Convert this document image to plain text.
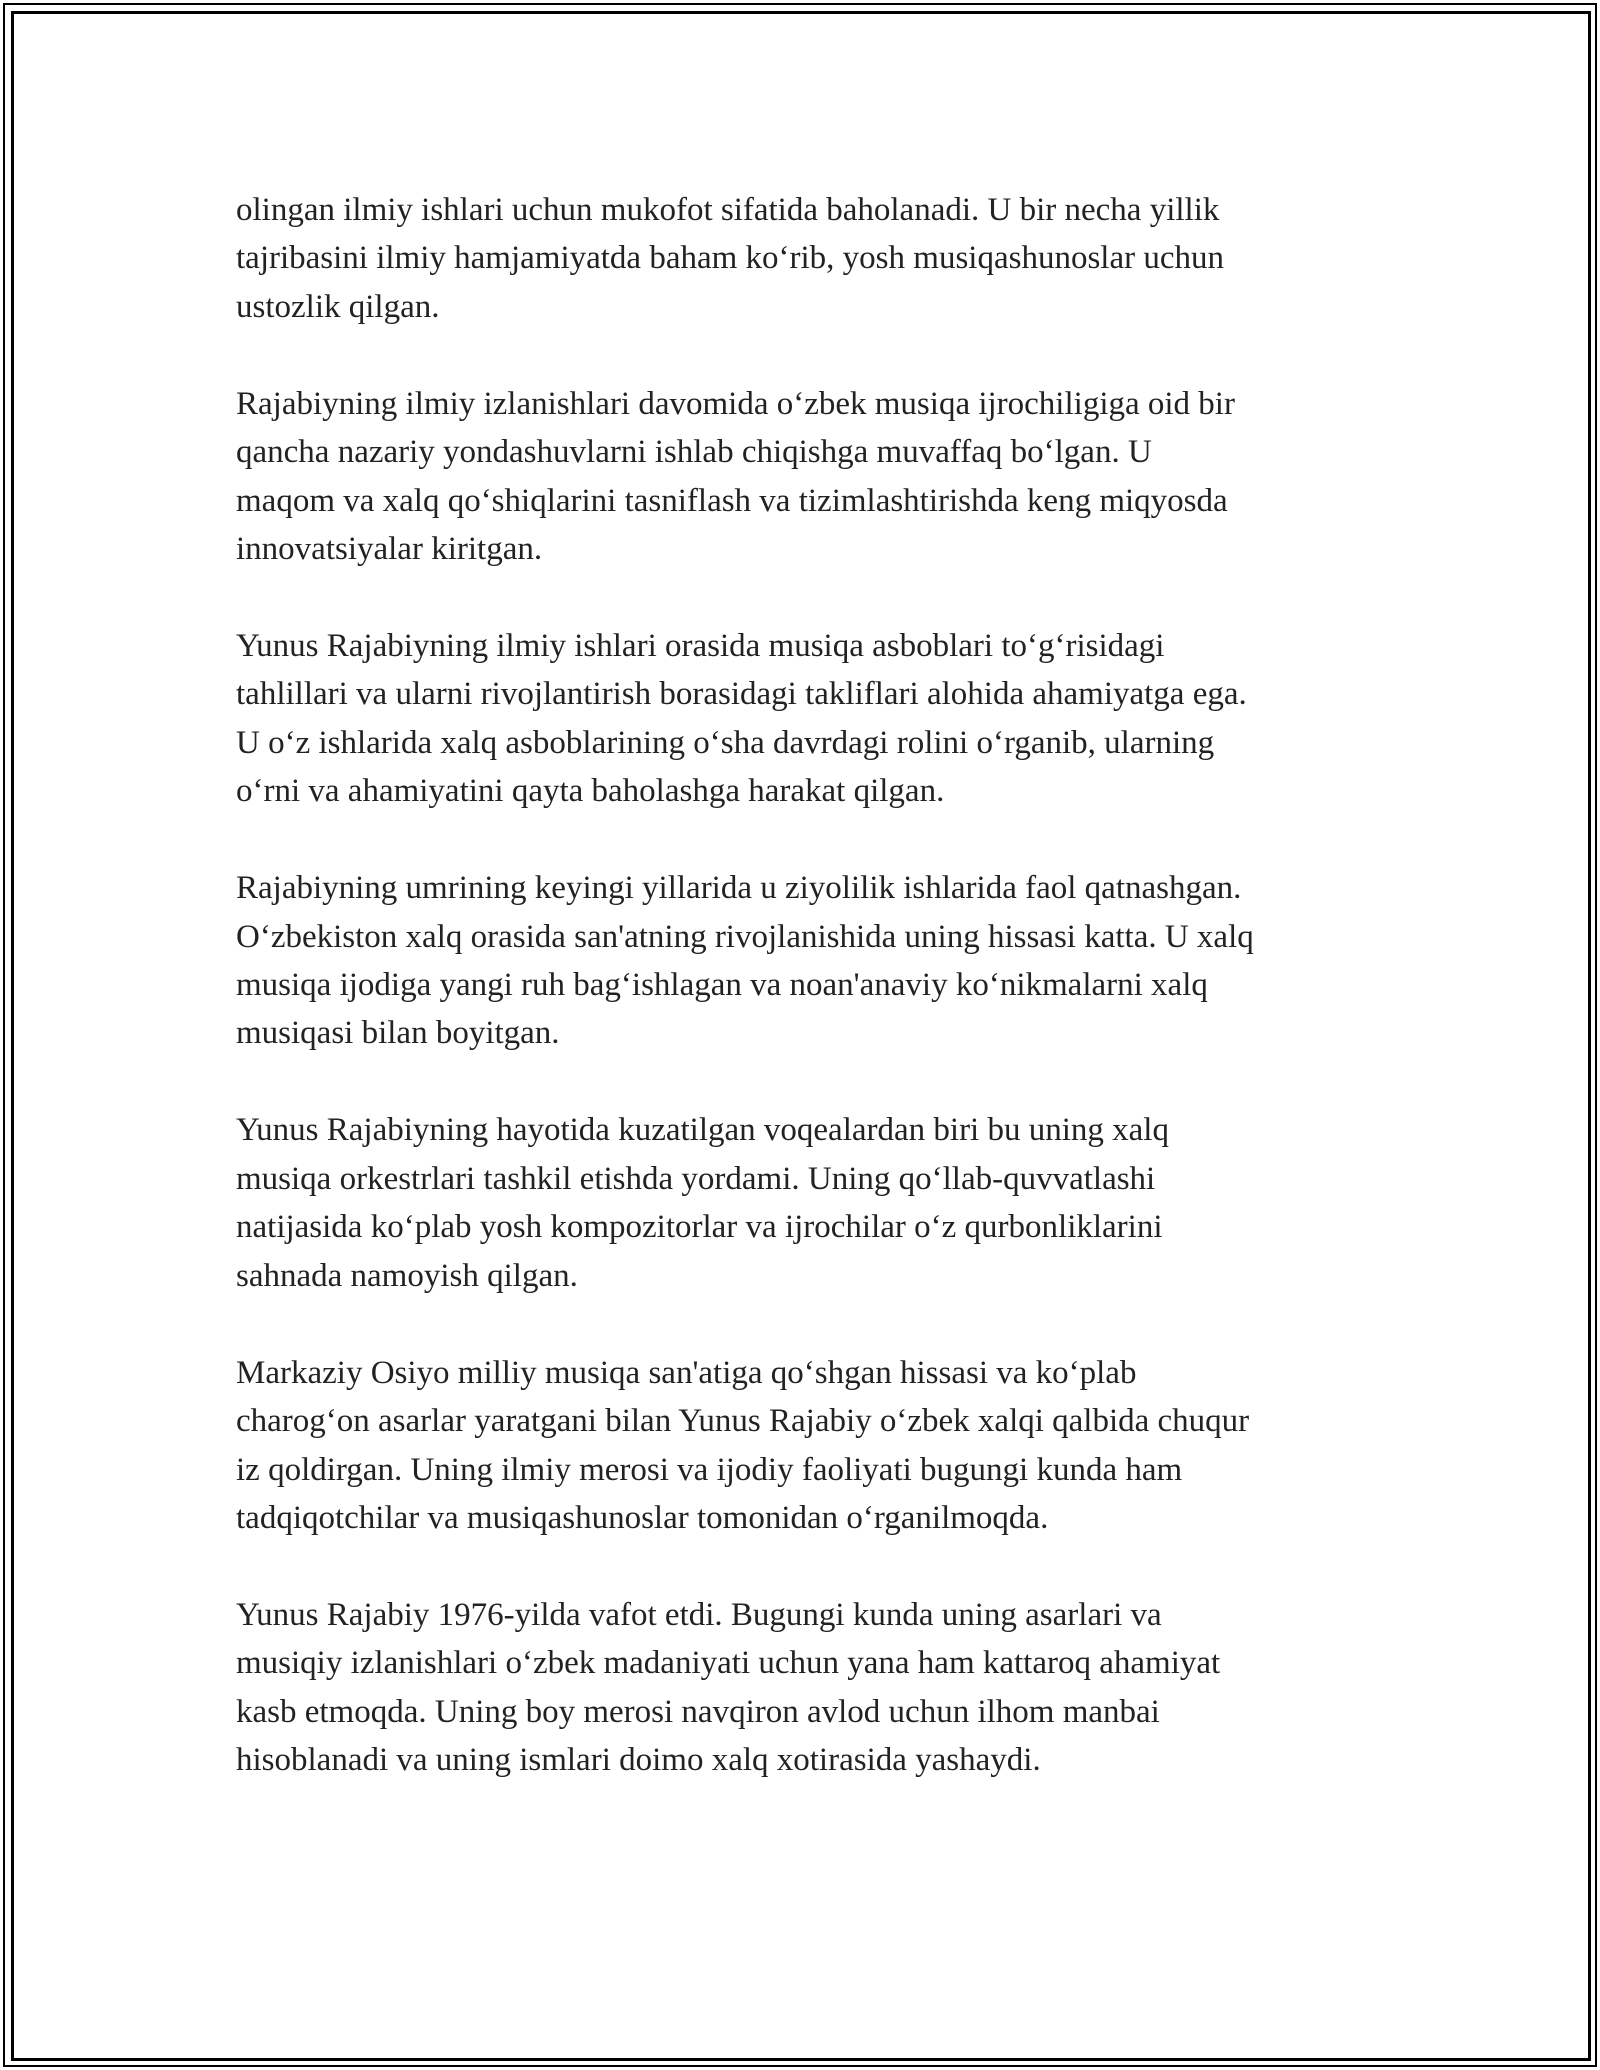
olingan ilmiy ishlari uchun mukofot sifatida baholanadi. U bir necha yillik
tajribasini ilmiy hamjamiyatda baham ko‘rib, yosh musiqashunoslar uchun
ustozlik qilgan.

Rajabiyning ilmiy izlanishlari davomida o‘zbek musiqa ijrochiligiga oid bir
qancha nazariy yondashuvlarni ishlab chiqishga muvaffaq bo‘lgan. U
maqom va xalq qo‘shiqlarini tasniflash va tizimlashtirishda keng miqyosda
innovatsiyalar kiritgan.

Yunus Rajabiyning ilmiy ishlari orasida musiqa asboblari to‘g‘risidagi
tahlillari va ularni rivojlantirish borasidagi takliflari alohida ahamiyatga ega.
U o‘z ishlarida xalq asboblarining o‘sha davrdagi rolini o‘rganib, ularning
o‘rni va ahamiyatini qayta baholashga harakat qilgan.

Rajabiyning umrining keyingi yillarida u ziyolilik ishlarida faol qatnashgan.
O‘zbekiston xalq orasida san'atning rivojlanishida uning hissasi katta. U xalq
musiqa ijodiga yangi ruh bag‘ishlagan va noan'anaviy ko‘nikmalarni xalq
musiqasi bilan boyitgan.

Yunus Rajabiyning hayotida kuzatilgan voqealardan biri bu uning xalq
musiqa orkestrlari tashkil etishda yordami. Uning qo‘llab-quvvatlashi
natijasida ko‘plab yosh kompozitorlar va ijrochilar o‘z qurbonliklarini
sahnada namoyish qilgan.

Markaziy Osiyo milliy musiqa san'atiga qo‘shgan hissasi va ko‘plab
charog‘on asarlar yaratgani bilan Yunus Rajabiy o‘zbek xalqi qalbida chuqur
iz qoldirgan. Uning ilmiy merosi va ijodiy faoliyati bugungi kunda ham
tadqiqotchilar va musiqashunoslar tomonidan o‘rganilmoqda.

Yunus Rajabiy 1976-yilda vafot etdi. Bugungi kunda uning asarlari va
musiqiy izlanishlari o‘zbek madaniyati uchun yana ham kattaroq ahamiyat
kasb etmoqda. Uning boy merosi navqiron avlod uchun ilhom manbai
hisoblanadi va uning ismlari doimo xalq xotirasida yashaydi.
